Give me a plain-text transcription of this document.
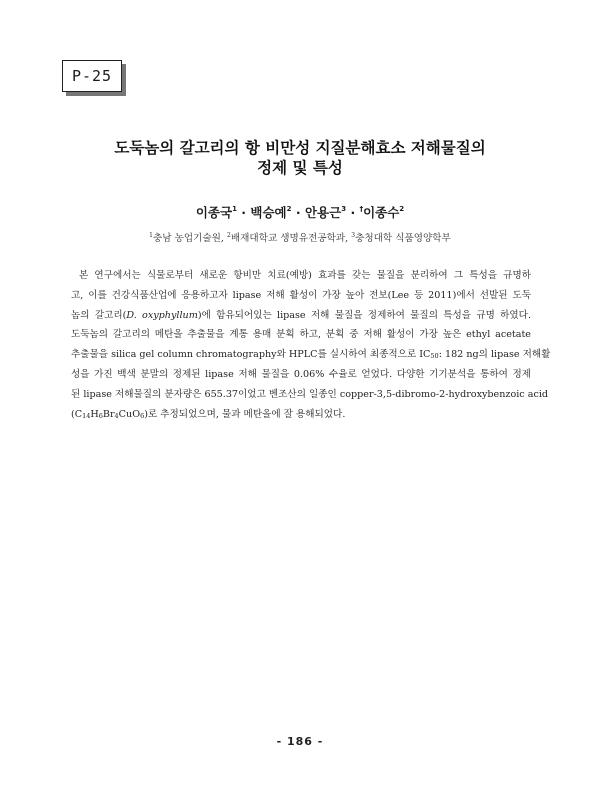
P-25
도둑놈의 갈고리의 항 비만성 지질분해효소 저해물질의
정제 및 특성
이종국$^1$ · 백승예$^2$ · 안용근$^3$ · †이종수$^2$
$^1$충남 농업기술원, $^2$배재대학교 생명유전공학과, $^3$충청대학 식품영양학부
본 연구에서는 식물로부터 새로운 항비만 치료(예방) 효과를 갖는 물질을 분리하여 그 특성을 규명하
고, 이를 건강식품산업에 응용하고자 lipase 저해 활성이 가장 높아 전보(Lee 등 2011)에서 선발된 도둑
놈의 갈고리(D. oxyphyllum)에 함유되어있는 lipase 저해 물질을 정제하여 물질의 특성을 규명 하였다.
도둑놈의 갈고리의 메탄올 추출물을 계통 용매 분획 하고, 분획 중 저해 활성이 가장 높은 ethyl acetate
추출물을 silica gel column chromatography와 HPLC를 실시하여 최종적으로 $IC_{50}$: 182 ng의 lipase 저해활
성을 가진 백색 분말의 정제된 lipase 저해 물질을 0.06% 수율로 얻었다. 다양한 기기분석을 통하여 정제
된 lipase 저해물질의 분자량은 655.37이었고 벤조산의 일종인 copper-3,5-dibromo-2-hydroxybenzoic acid
$(C_{14}H_6Br_4CuO_6)$로 추정되었으며, 물과 메탄올에 잘 용해되었다.
- 186 -
